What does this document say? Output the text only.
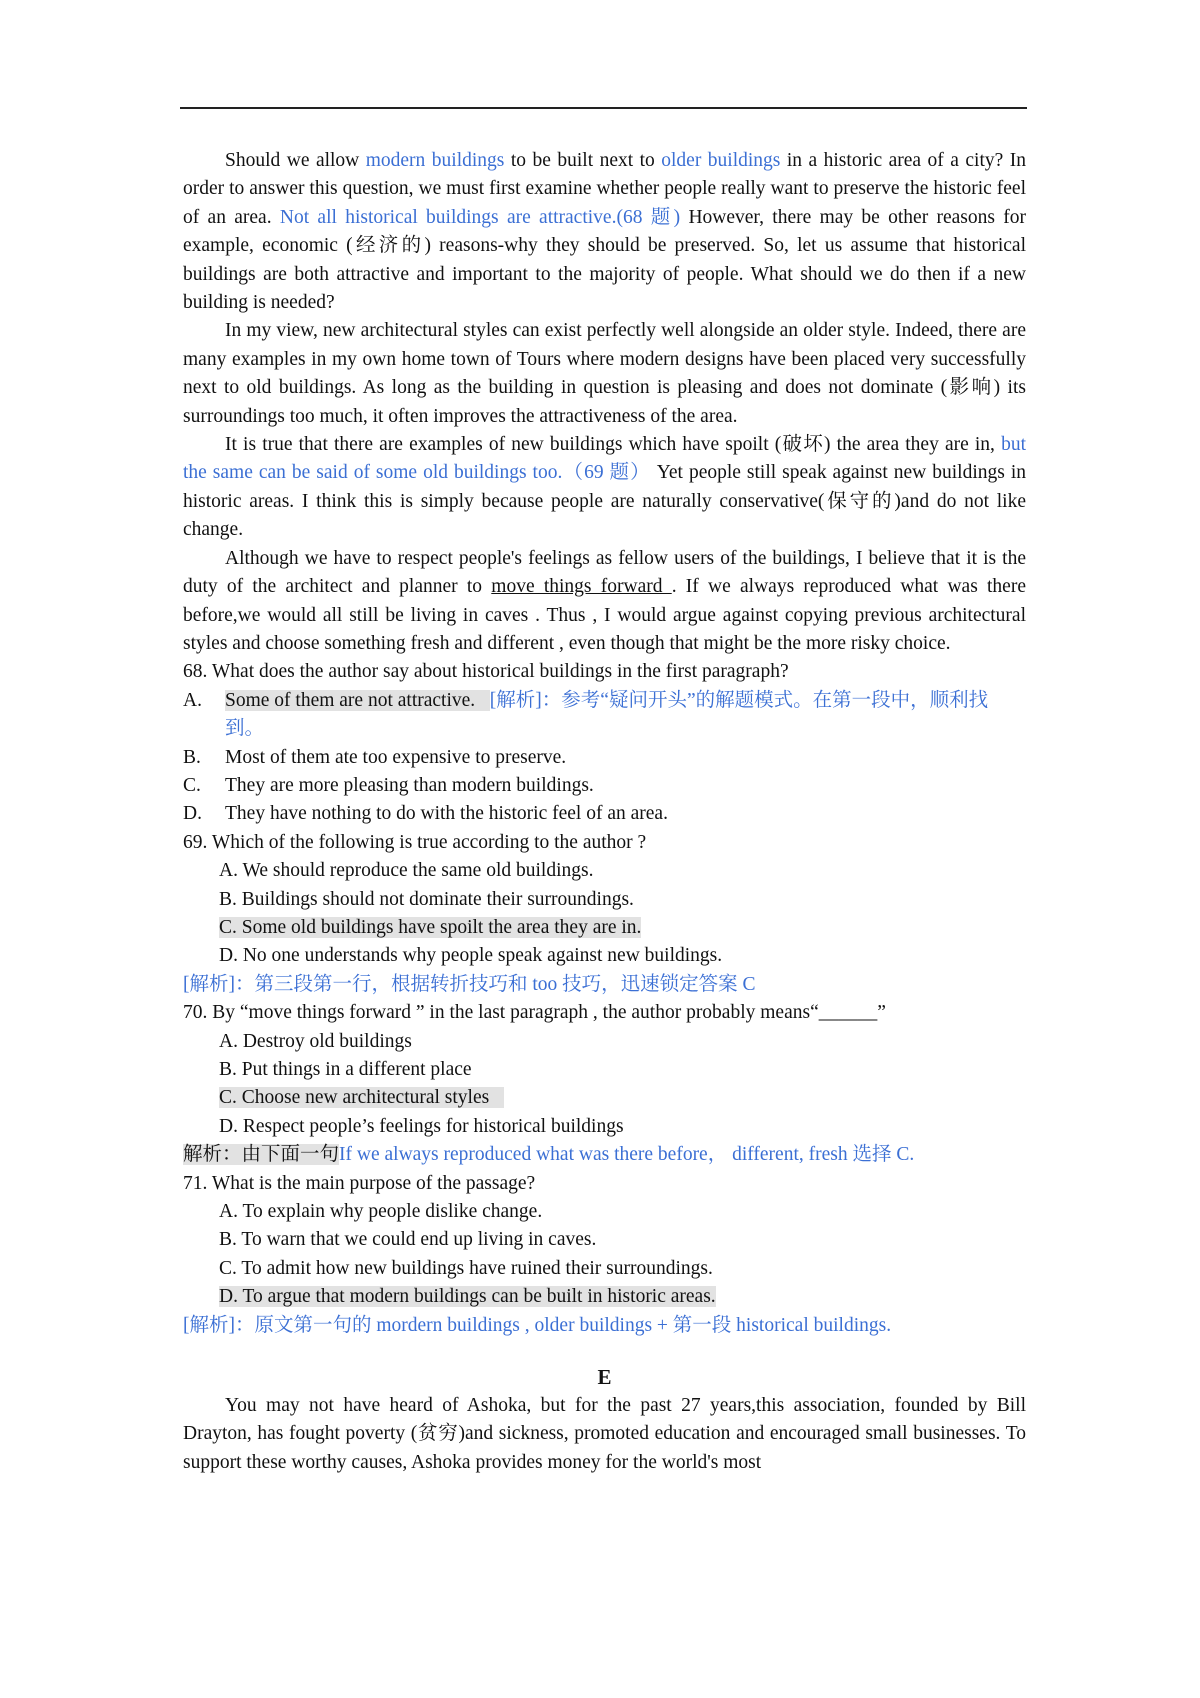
Should we allow modern buildings to be built next to older buildings in a historic area of a city? In order to answer this question, we must first examine whether people really want to preserve the historic feel of an area. Not all historical buildings are attractive.(68 题) However, there may be other reasons for example, economic (经济的) reasons-why they should be preserved. So, let us assume that historical buildings are both attractive and important to the majority of people. What should we do then if a new building is needed?

In my view, new architectural styles can exist perfectly well alongside an older style. Indeed, there are many examples in my own home town of Tours where modern designs have been placed very successfully next to old buildings. As long as the building in question is pleasing and does not dominate (影响) its surroundings too much, it often improves the attractiveness of the area.

It is true that there are examples of new buildings which have spoilt (破坏) the area they are in, but the same can be said of some old buildings too.（69 题） Yet people still speak against new buildings in historic areas. I think this is simply because people are naturally conservative(保守的)and do not like change.

Although we have to respect people's feelings as fellow users of the buildings, I believe that it is the duty of the architect and planner to move things forward . If we always reproduced what was there before,we would all still be living in caves . Thus , I would argue against copying previous architectural styles and choose something fresh and different , even though that might be the more risky choice.

68. What does the author say about historical buildings in the first paragraph?

A.	Some of them are not attractive. [解析]：参考“疑问开头”的解题模式。在第一段中，顺利找到。
B.	Most of them ate too expensive to preserve.
C.	They are more pleasing than modern buildings.
D.	They have nothing to do with the historic feel of an area.

69. Which of the following is true according to the author ?

A. We should reproduce the same old buildings.

B. Buildings should not dominate their surroundings.

C. Some old buildings have spoilt the area they are in.

D. No one understands why people speak against new buildings.

[解析]：第三段第一行，根据转折技巧和 too 技巧，迅速锁定答案 C

70. By “move things forward ” in the last paragraph , the author probably means“______”

A. Destroy old buildings

B. Put things in a different place

C. Choose new architectural styles

D. Respect people’s feelings for historical buildings

解析：由下面一句If we always reproduced what was there before， different, fresh 选择 C.

71. What is the main purpose of the passage?

A. To explain why people dislike change.

B. To warn that we could end up living in caves.

C. To admit how new buildings have ruined their surroundings.

D. To argue that modern buildings can be built in historic areas.

[解析]：原文第一句的 mordern buildings , older buildings + 第一段 historical buildings.

E

You may not have heard of Ashoka, but for the past 27 years,this association, founded by Bill Drayton, has fought poverty (贫穷)and sickness, promoted education and encouraged small businesses. To support these worthy causes, Ashoka provides money for the world's most
